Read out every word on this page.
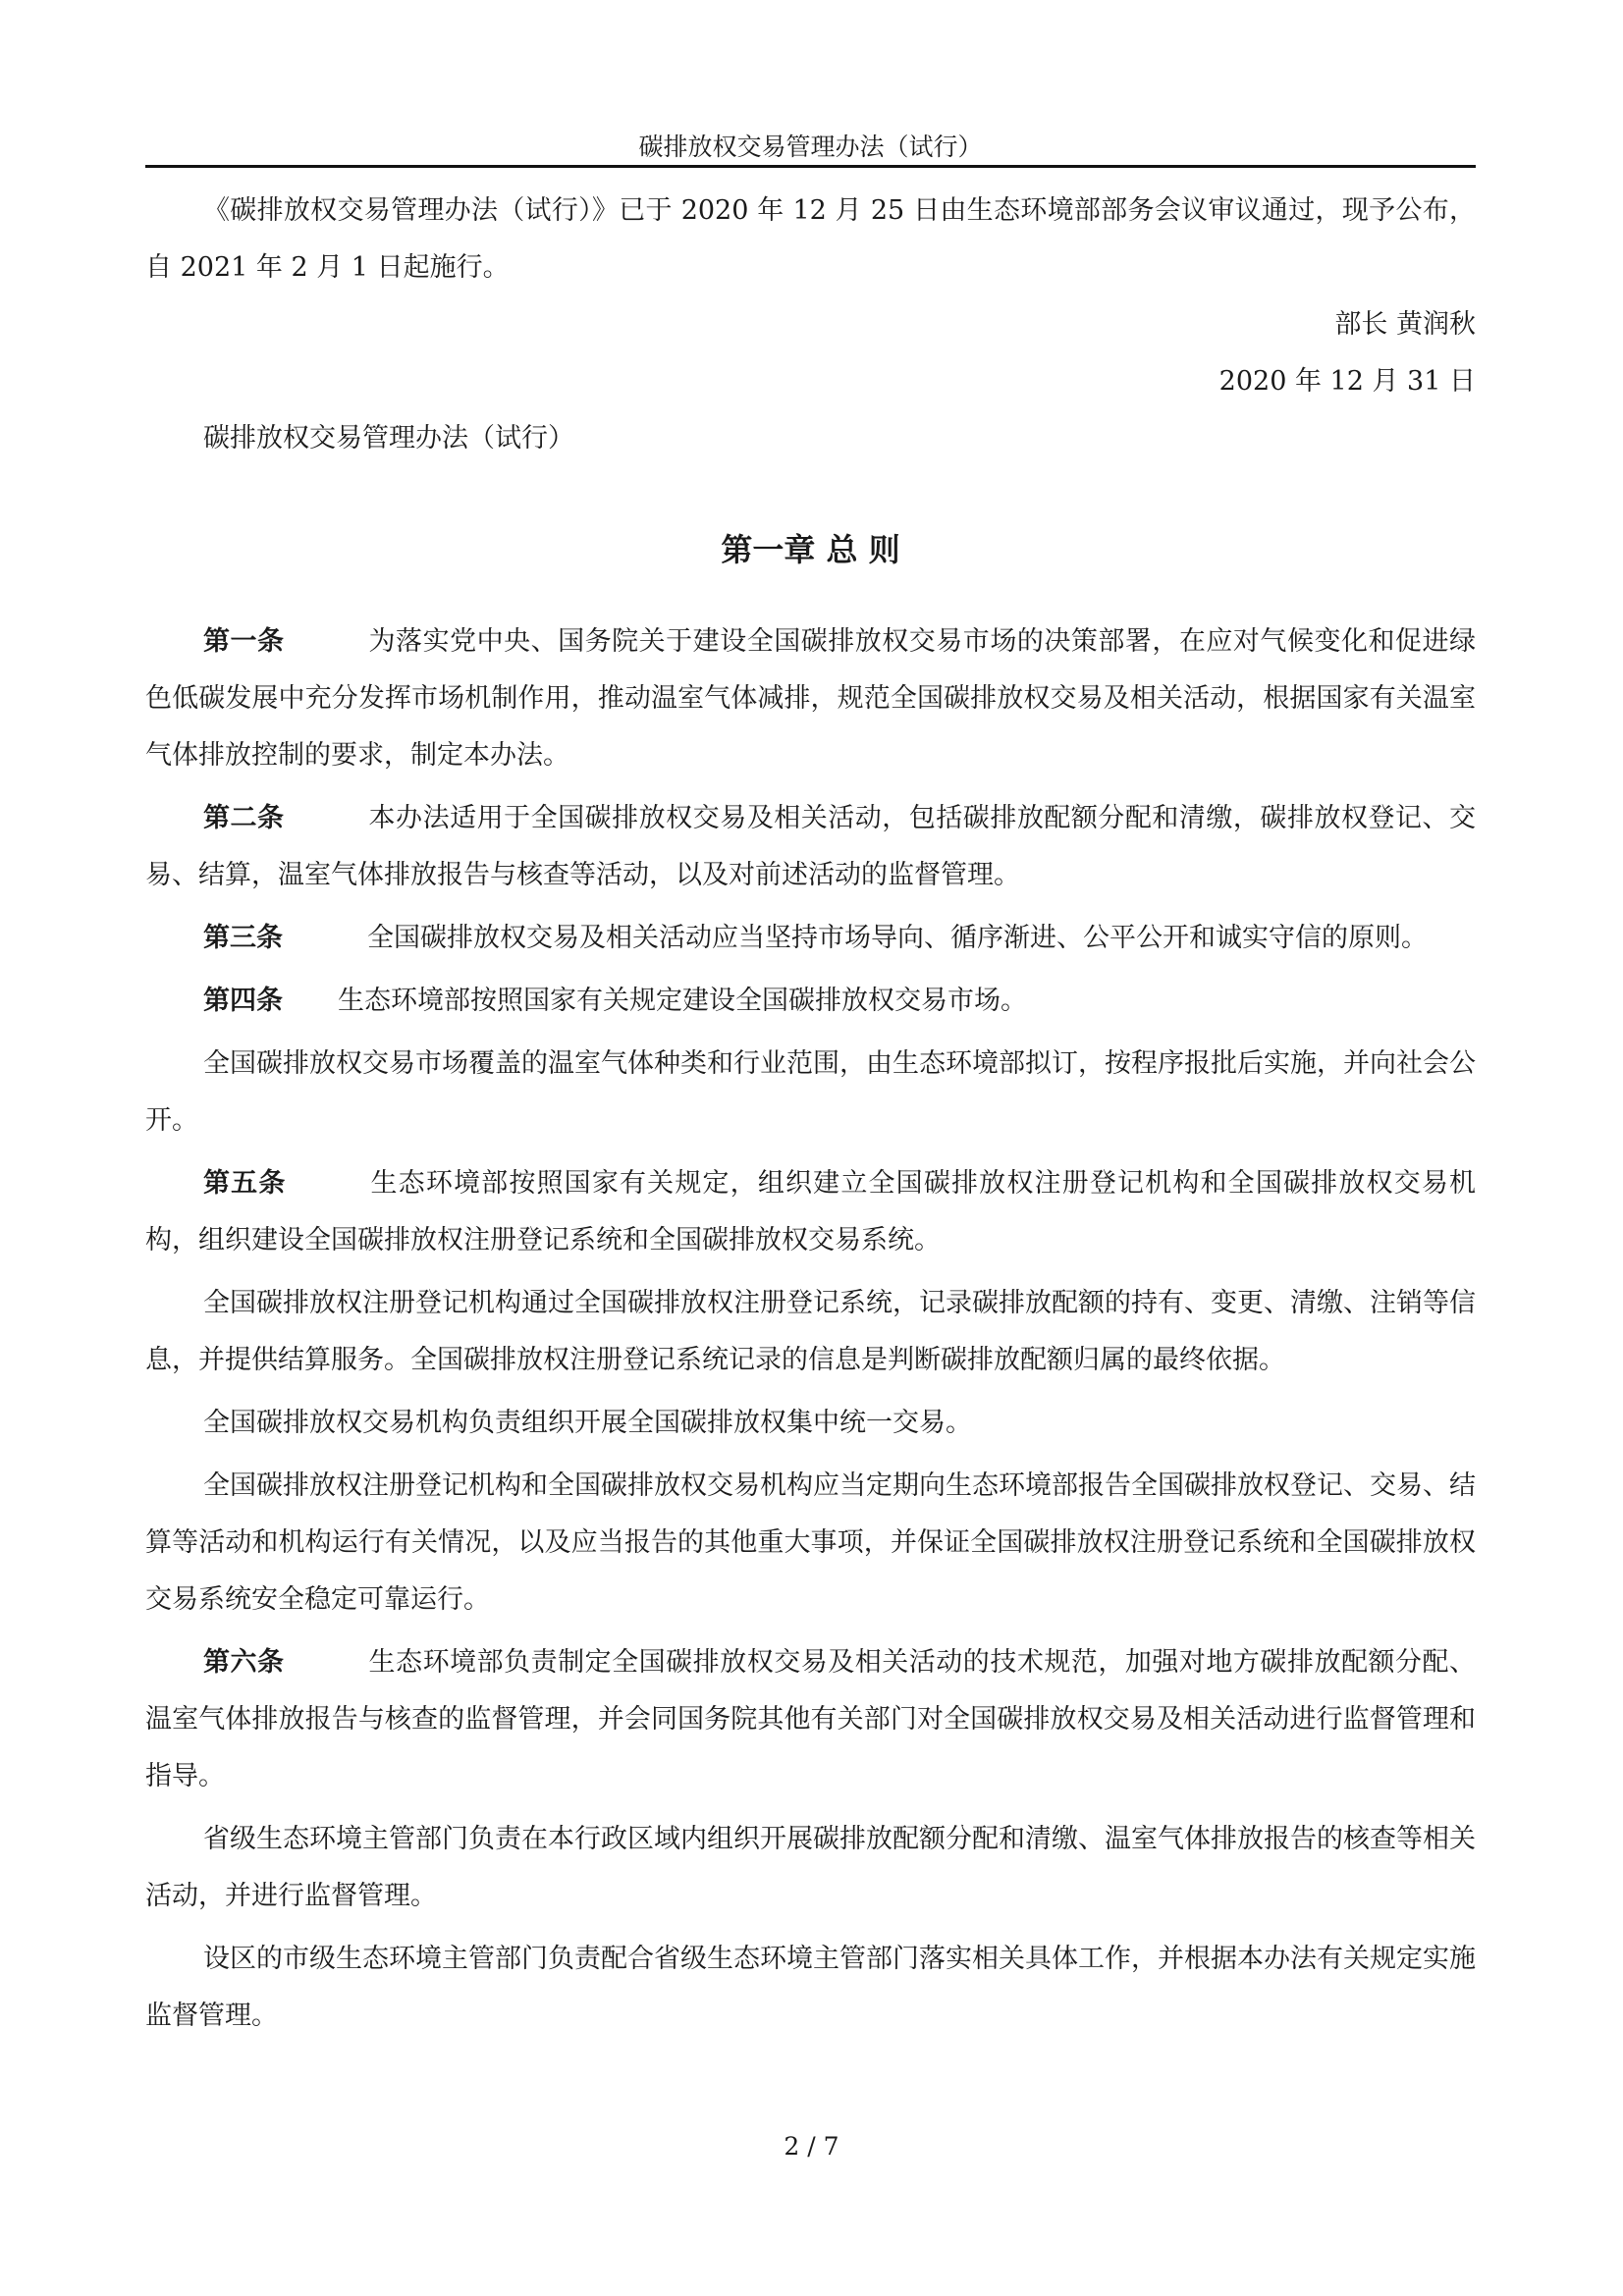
碳排放权交易管理办法（试行）

《碳排放权交易管理办法（试行）》已于 2020 年 12 月 25 日由生态环境部部务会议审议通过，现予公布，自 2021 年 2 月 1 日起施行。

部长 黄润秋

2020 年 12 月 31 日

碳排放权交易管理办法（试行）

第一章 总 则

第一条	为落实党中央、国务院关于建设全国碳排放权交易市场的决策部署，在应对气候变化和促进绿色低碳发展中充分发挥市场机制作用，推动温室气体减排，规范全国碳排放权交易及相关活动，根据国家有关温室气体排放控制的要求，制定本办法。

第二条	本办法适用于全国碳排放权交易及相关活动，包括碳排放配额分配和清缴，碳排放权登记、交易、结算，温室气体排放报告与核查等活动，以及对前述活动的监督管理。

第三条	全国碳排放权交易及相关活动应当坚持市场导向、循序渐进、公平公开和诚实守信的原则。

第四条 生态环境部按照国家有关规定建设全国碳排放权交易市场。

全国碳排放权交易市场覆盖的温室气体种类和行业范围，由生态环境部拟订，按程序报批后实施，并向社会公开。

第五条	生态环境部按照国家有关规定，组织建立全国碳排放权注册登记机构和全国碳排放权交易机构，组织建设全国碳排放权注册登记系统和全国碳排放权交易系统。

全国碳排放权注册登记机构通过全国碳排放权注册登记系统，记录碳排放配额的持有、变更、清缴、注销等信息，并提供结算服务。全国碳排放权注册登记系统记录的信息是判断碳排放配额归属的最终依据。

全国碳排放权交易机构负责组织开展全国碳排放权集中统一交易。

全国碳排放权注册登记机构和全国碳排放权交易机构应当定期向生态环境部报告全国碳排放权登记、交易、结算等活动和机构运行有关情况，以及应当报告的其他重大事项，并保证全国碳排放权注册登记系统和全国碳排放权交易系统安全稳定可靠运行。

第六条	生态环境部负责制定全国碳排放权交易及相关活动的技术规范，加强对地方碳排放配额分配、温室气体排放报告与核查的监督管理，并会同国务院其他有关部门对全国碳排放权交易及相关活动进行监督管理和指导。

省级生态环境主管部门负责在本行政区域内组织开展碳排放配额分配和清缴、温室气体排放报告的核查等相关活动，并进行监督管理。

设区的市级生态环境主管部门负责配合省级生态环境主管部门落实相关具体工作，并根据本办法有关规定实施监督管理。

2 / 7
